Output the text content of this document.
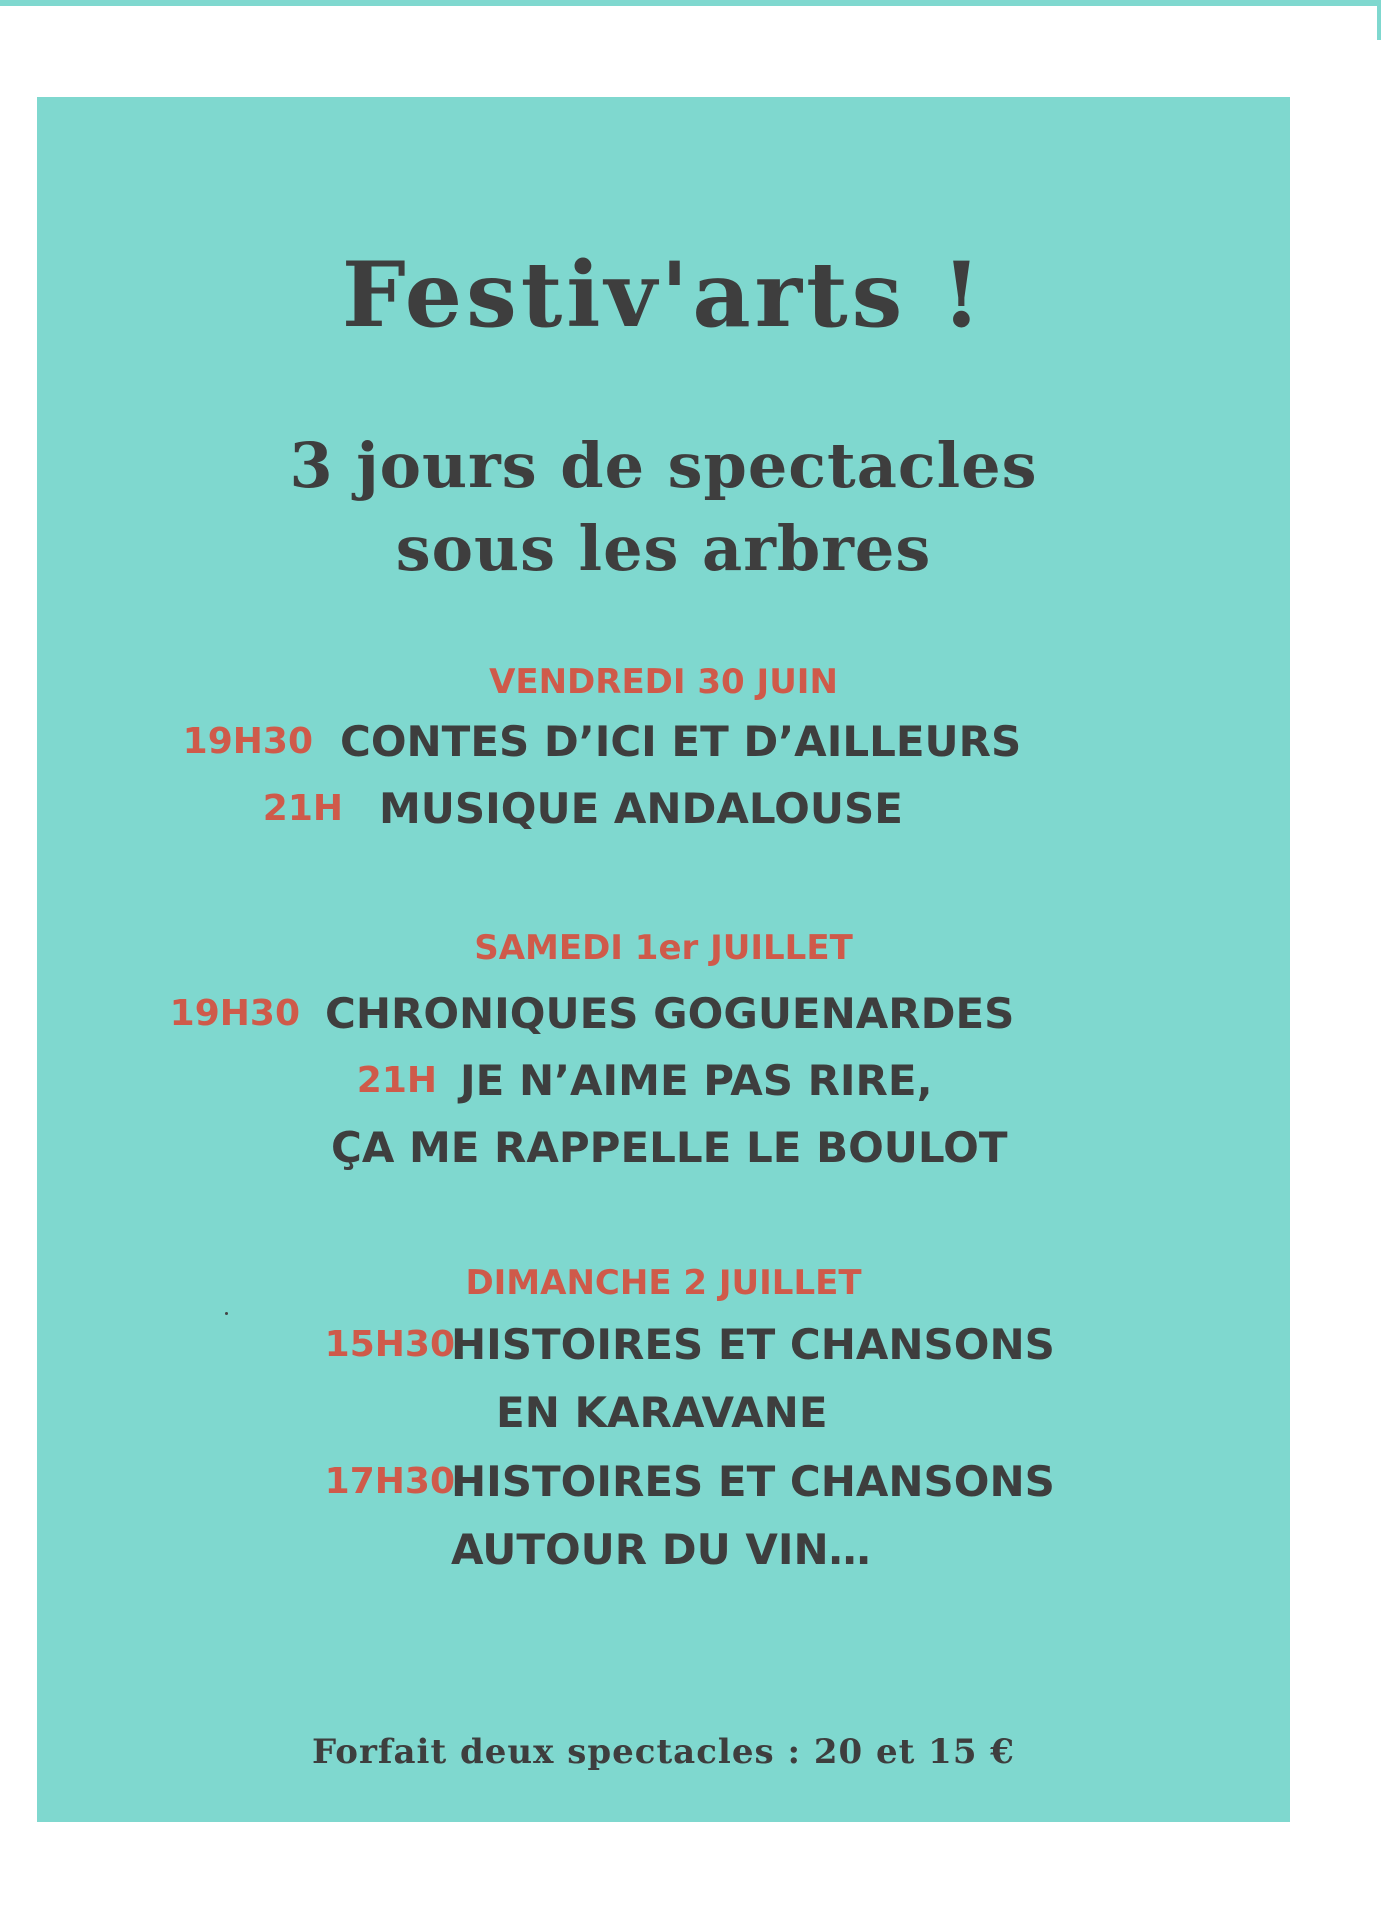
Festiv'arts !
3 jours de spectacles
sous les arbres
VENDREDI 30 JUIN
19H30 CONTES D’ICI ET D’AILLEURS
21H MUSIQUE ANDALOUSE
SAMEDI 1er JUILLET
19H30 CHRONIQUES GOGUENARDES
21H JE N’AIME PAS RIRE,
ÇA ME RAPPELLE LE BOULOT
DIMANCHE 2 JUILLET
15H30
HISTOIRES ET CHANSONS
EN KARAVANE
17H30
HISTOIRES ET CHANSONS
AUTOUR DU VIN…
Forfait deux spectacles : 20 et 15 €
